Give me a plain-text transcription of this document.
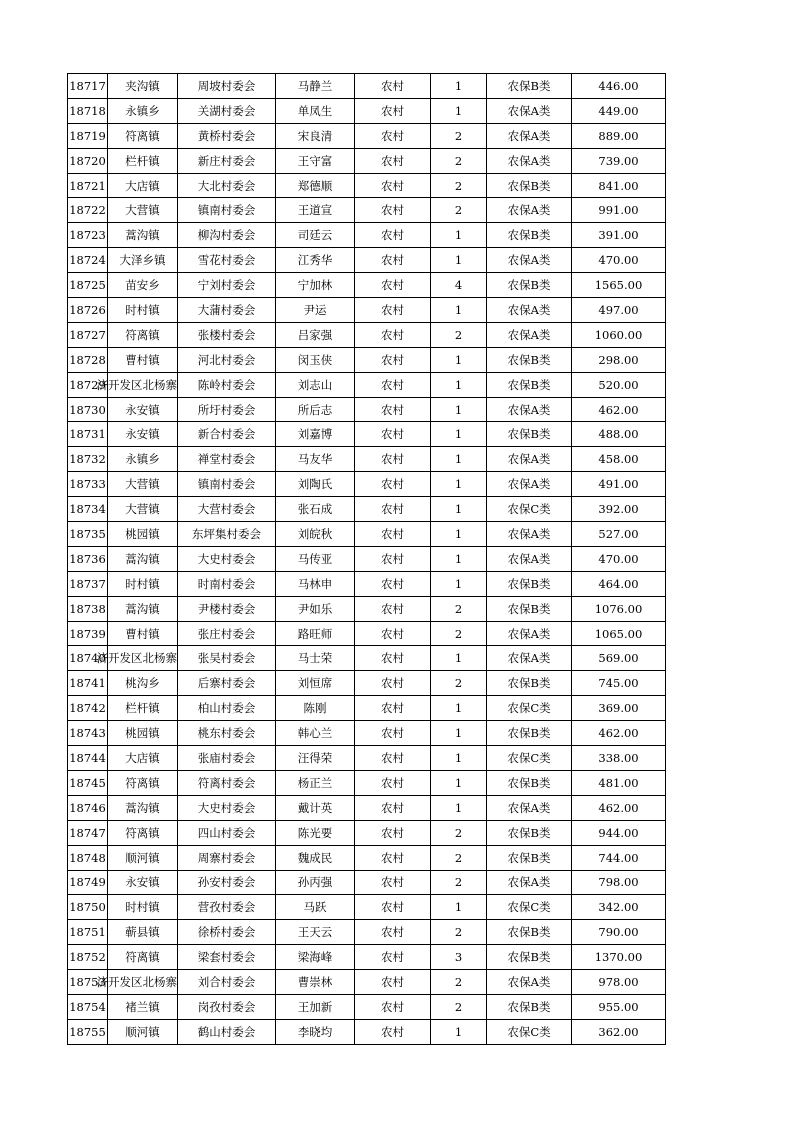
18717	夹沟镇	周坡村委会	马静兰	农村	1	农保B类	446.00
18718	永镇乡	关湖村委会	单凤生	农村	1	农保A类	449.00
18719	符离镇	黄桥村委会	宋良清	农村	2	农保A类	889.00
18720	栏杆镇	新庄村委会	王守富	农村	2	农保A类	739.00
18721	大店镇	大北村委会	郑德顺	农村	2	农保B类	841.00
18722	大营镇	镇南村委会	王道宣	农村	2	农保A类	991.00
18723	蒿沟镇	柳沟村委会	司廷云	农村	1	农保B类	391.00
18724	大泽乡镇	雪花村委会	江秀华	农村	1	农保A类	470.00
18725	苗安乡	宁刘村委会	宁加林	农村	4	农保B类	1565.00
18726	时村镇	大蒲村委会	尹运	农村	1	农保A类	497.00
18727	符离镇	张楼村委会	吕家强	农村	2	农保A类	1060.00
18728	曹村镇	河北村委会	闵玉侠	农村	1	农保B类	298.00
18729	济开发区北杨寨	陈岭村委会	刘志山	农村	1	农保B类	520.00
18730	永安镇	所圩村委会	所后志	农村	1	农保A类	462.00
18731	永安镇	新合村委会	刘嘉博	农村	1	农保B类	488.00
18732	永镇乡	禅堂村委会	马友华	农村	1	农保A类	458.00
18733	大营镇	镇南村委会	刘陶氏	农村	1	农保A类	491.00
18734	大营镇	大营村委会	张石成	农村	1	农保C类	392.00
18735	桃园镇	东坪集村委会	刘皖秋	农村	1	农保A类	527.00
18736	蒿沟镇	大史村委会	马传亚	农村	1	农保A类	470.00
18737	时村镇	时南村委会	马林申	农村	1	农保B类	464.00
18738	蒿沟镇	尹楼村委会	尹如乐	农村	2	农保B类	1076.00
18739	曹村镇	张庄村委会	路旺师	农村	2	农保A类	1065.00
18740	济开发区北杨寨	张吴村委会	马士荣	农村	1	农保A类	569.00
18741	桃沟乡	后寨村委会	刘恒席	农村	2	农保B类	745.00
18742	栏杆镇	柏山村委会	陈刚	农村	1	农保C类	369.00
18743	桃园镇	桃东村委会	韩心兰	农村	1	农保B类	462.00
18744	大店镇	张庙村委会	汪得荣	农村	1	农保C类	338.00
18745	符离镇	符离村委会	杨正兰	农村	1	农保B类	481.00
18746	蒿沟镇	大史村委会	戴计英	农村	1	农保A类	462.00
18747	符离镇	四山村委会	陈光要	农村	2	农保B类	944.00
18748	顺河镇	周寨村委会	魏成民	农村	2	农保B类	744.00
18749	永安镇	孙安村委会	孙丙强	农村	2	农保A类	798.00
18750	时村镇	营孜村委会	马跃	农村	1	农保C类	342.00
18751	蕲县镇	徐桥村委会	王天云	农村	2	农保B类	790.00
18752	符离镇	梁套村委会	梁海峰	农村	3	农保B类	1370.00
18753	济开发区北杨寨	刘合村委会	曹崇林	农村	2	农保A类	978.00
18754	褚兰镇	岗孜村委会	王加新	农村	2	农保B类	955.00
18755	顺河镇	鹤山村委会	李晓均	农村	1	农保C类	362.00
